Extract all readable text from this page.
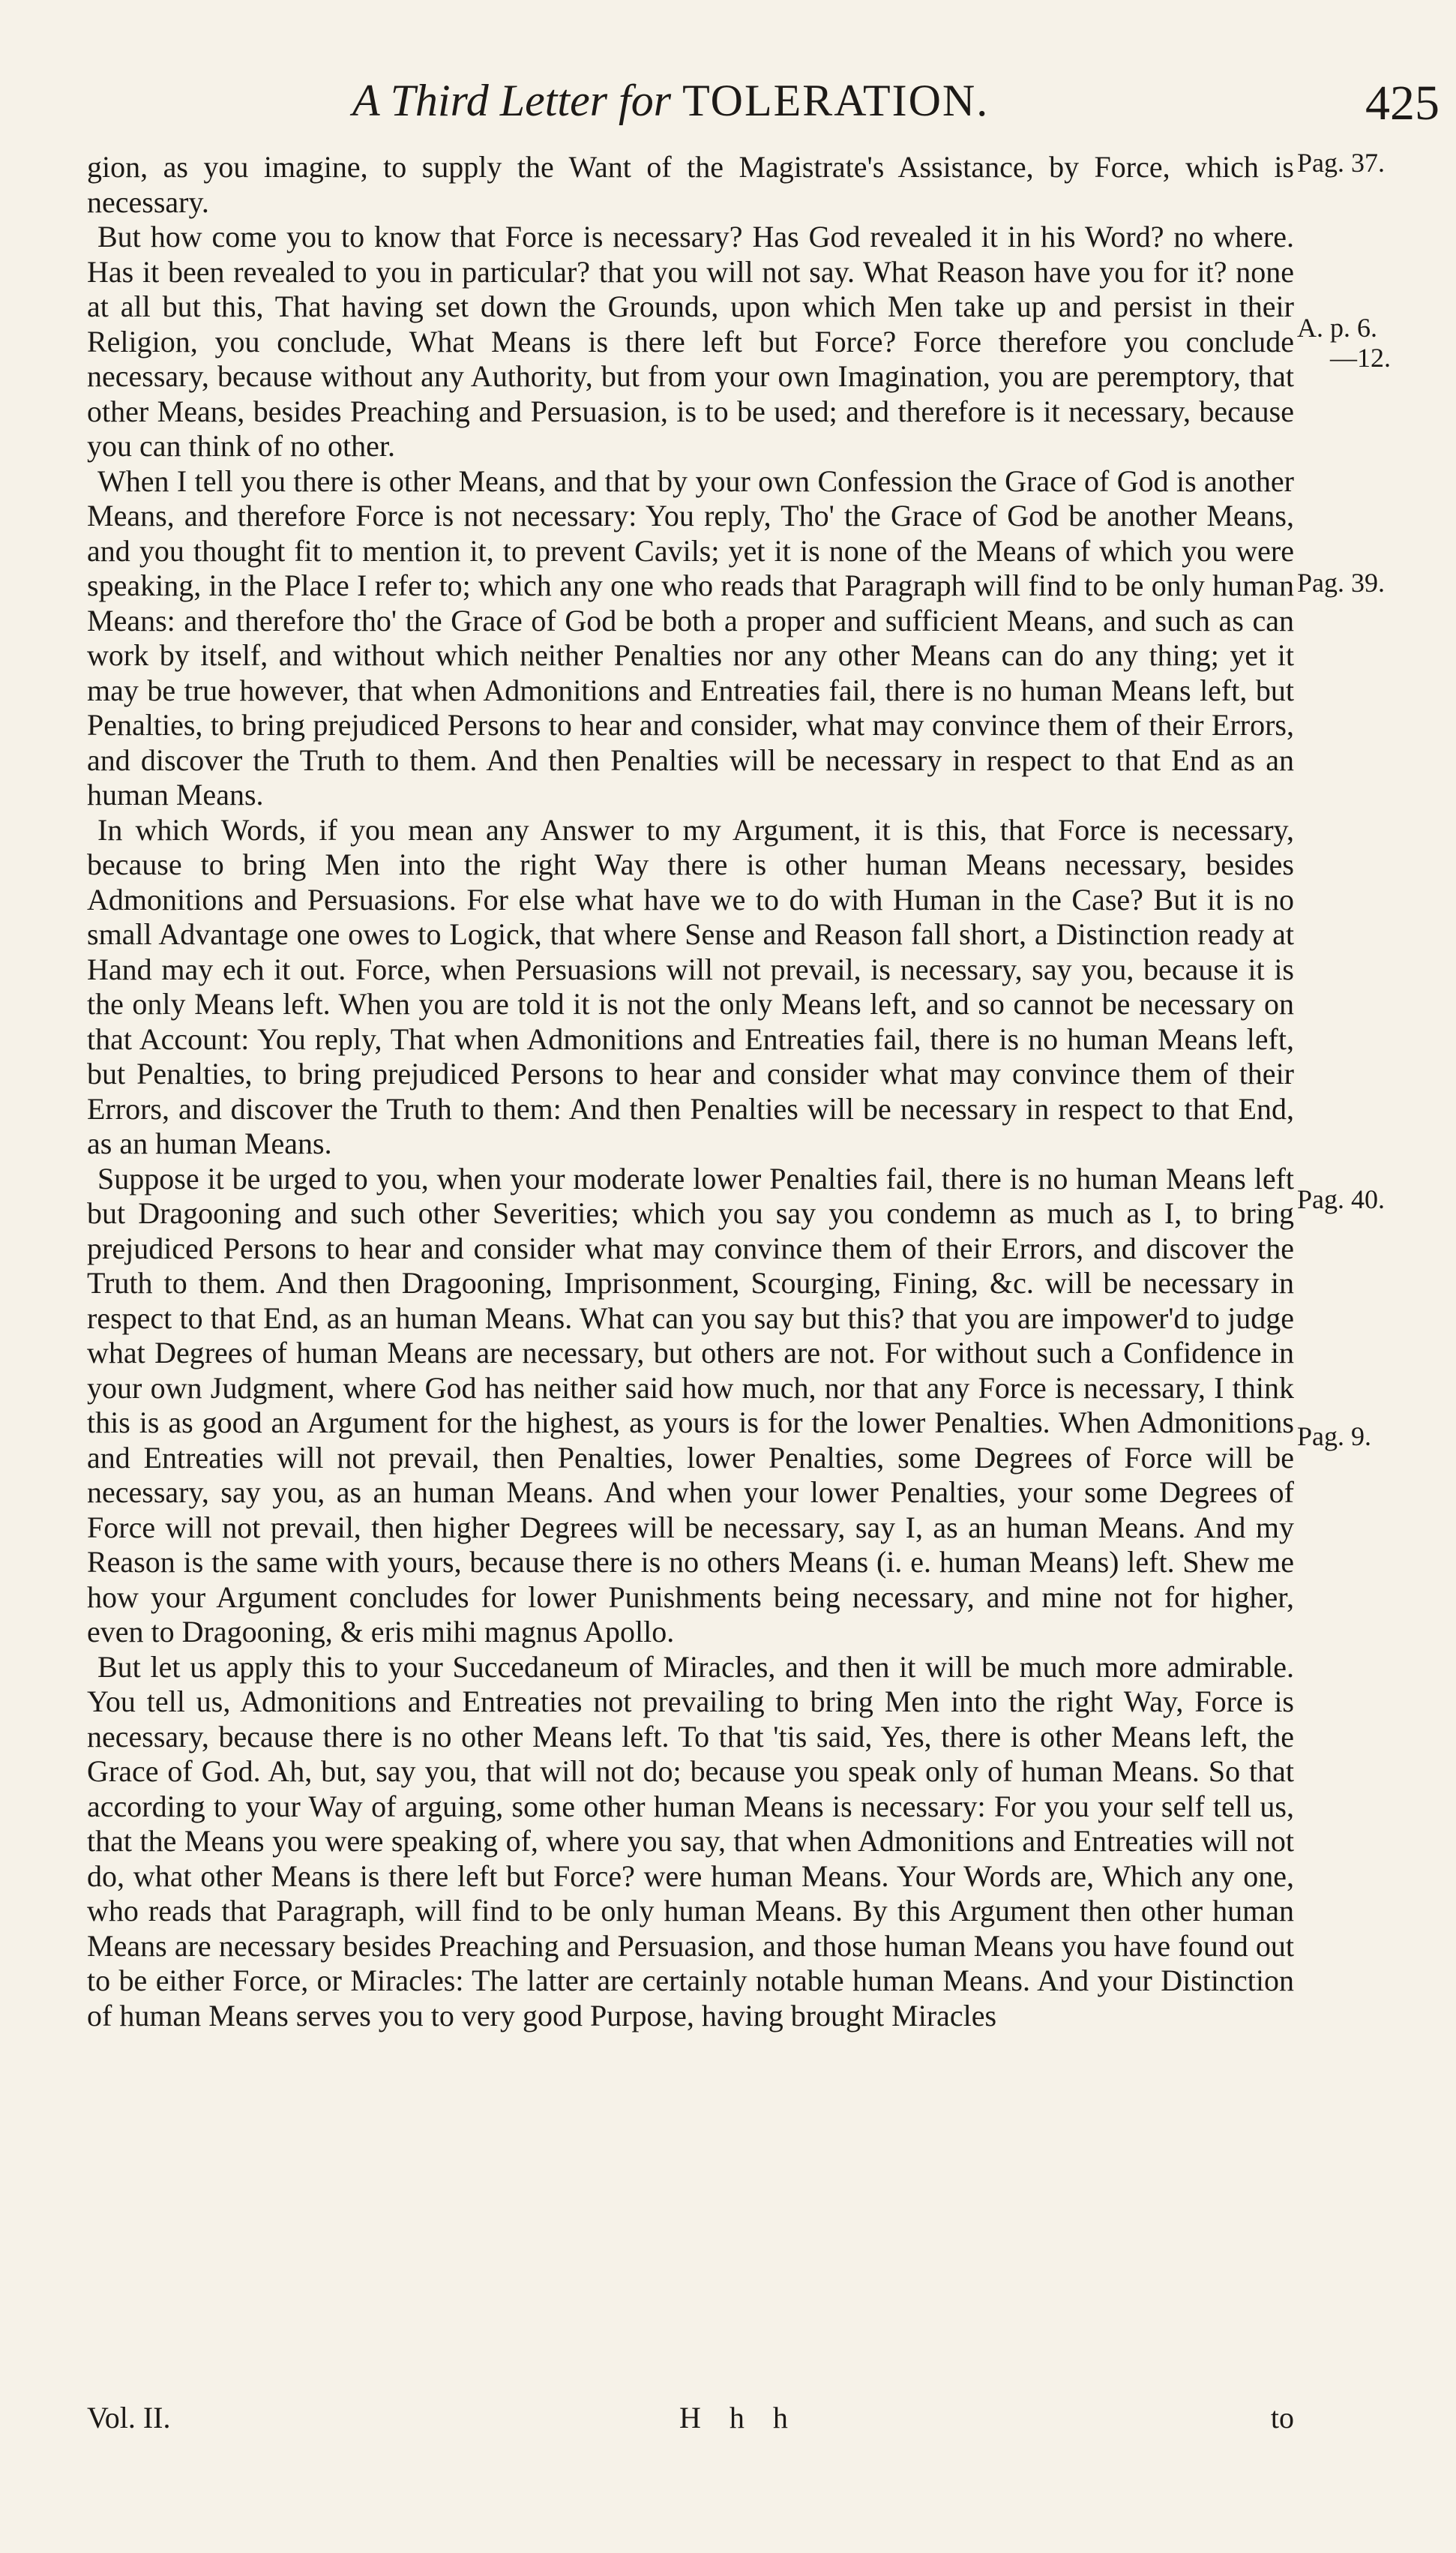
A Third Letter for TOLERATION.	425

gion, as you imagine, to supply the Want of the Magistrate's Assistance, by Force, which is necessary.

But how come you to know that Force is necessary? Has God revealed it in his Word? no where. Has it been revealed to you in particular? that you will not say. What Reason have you for it? none at all but this, That having set down the Grounds, upon which Men take up and persist in their Religion, you conclude, What Means is there left but Force? Force therefore you conclude necessary, because without any Authority, but from your own Imagination, you are peremptory, that other Means, besides Preaching and Persuasion, is to be used; and therefore is it necessary, because you can think of no other.

When I tell you there is other Means, and that by your own Confession the Grace of God is another Means, and therefore Force is not necessary: You reply, Tho' the Grace of God be another Means, and you thought fit to mention it, to prevent Cavils; yet it is none of the Means of which you were speaking, in the Place I refer to; which any one who reads that Paragraph will find to be only human Means: and therefore tho' the Grace of God be both a proper and sufficient Means, and such as can work by itself, and without which neither Penalties nor any other Means can do any thing; yet it may be true however, that when Admonitions and Entreaties fail, there is no human Means left, but Penalties, to bring prejudiced Persons to hear and consider, what may convince them of their Errors, and discover the Truth to them. And then Penalties will be necessary in respect to that End as an human Means.

In which Words, if you mean any Answer to my Argument, it is this, that Force is necessary, because to bring Men into the right Way there is other human Means necessary, besides Admonitions and Persuasions. For else what have we to do with Human in the Case? But it is no small Advantage one owes to Logick, that where Sense and Reason fall short, a Distinction ready at Hand may ech it out. Force, when Persuasions will not prevail, is necessary, say you, because it is the only Means left. When you are told it is not the only Means left, and so cannot be necessary on that Account: You reply, That when Admonitions and Entreaties fail, there is no human Means left, but Penalties, to bring prejudiced Persons to hear and consider what may convince them of their Errors, and discover the Truth to them: And then Penalties will be necessary in respect to that End, as an human Means.

Suppose it be urged to you, when your moderate lower Penalties fail, there is no human Means left but Dragooning and such other Severities; which you say you condemn as much as I, to bring prejudiced Persons to hear and consider what may convince them of their Errors, and discover the Truth to them. And then Dragooning, Imprisonment, Scourging, Fining, &c. will be necessary in respect to that End, as an human Means. What can you say but this? that you are impower'd to judge what Degrees of human Means are necessary, but others are not. For without such a Confidence in your own Judgment, where God has neither said how much, nor that any Force is necessary, I think this is as good an Argument for the highest, as yours is for the lower Penalties. When Admonitions and Entreaties will not prevail, then Penalties, lower Penalties, some Degrees of Force will be necessary, say you, as an human Means. And when your lower Penalties, your some Degrees of Force will not prevail, then higher Degrees will be necessary, say I, as an human Means. And my Reason is the same with yours, because there is no others Means (i. e. human Means) left. Shew me how your Argument concludes for lower Punishments being necessary, and mine not for higher, even to Dragooning, & eris mihi magnus Apollo.

But let us apply this to your Succedaneum of Miracles, and then it will be much more admirable. You tell us, Admonitions and Entreaties not prevailing to bring Men into the right Way, Force is necessary, because there is no other Means left. To that 'tis said, Yes, there is other Means left, the Grace of God. Ah, but, say you, that will not do; because you speak only of human Means. So that according to your Way of arguing, some other human Means is necessary: For you your self tell us, that the Means you were speaking of, where you say, that when Admonitions and Entreaties will not do, what other Means is there left but Force? were human Means. Your Words are, Which any one, who reads that Paragraph, will find to be only human Means. By this Argument then other human Means are necessary besides Preaching and Persuasion, and those human Means you have found out to be either Force, or Miracles: The latter are certainly notable human Means. And your Distinction of human Means serves you to very good Purpose, having brought Miracles

Pag. 37.
A. p. 6.
—12.
Pag. 39.
Pag. 40.
Pag. 9.
Vol. II.	H h h	to
